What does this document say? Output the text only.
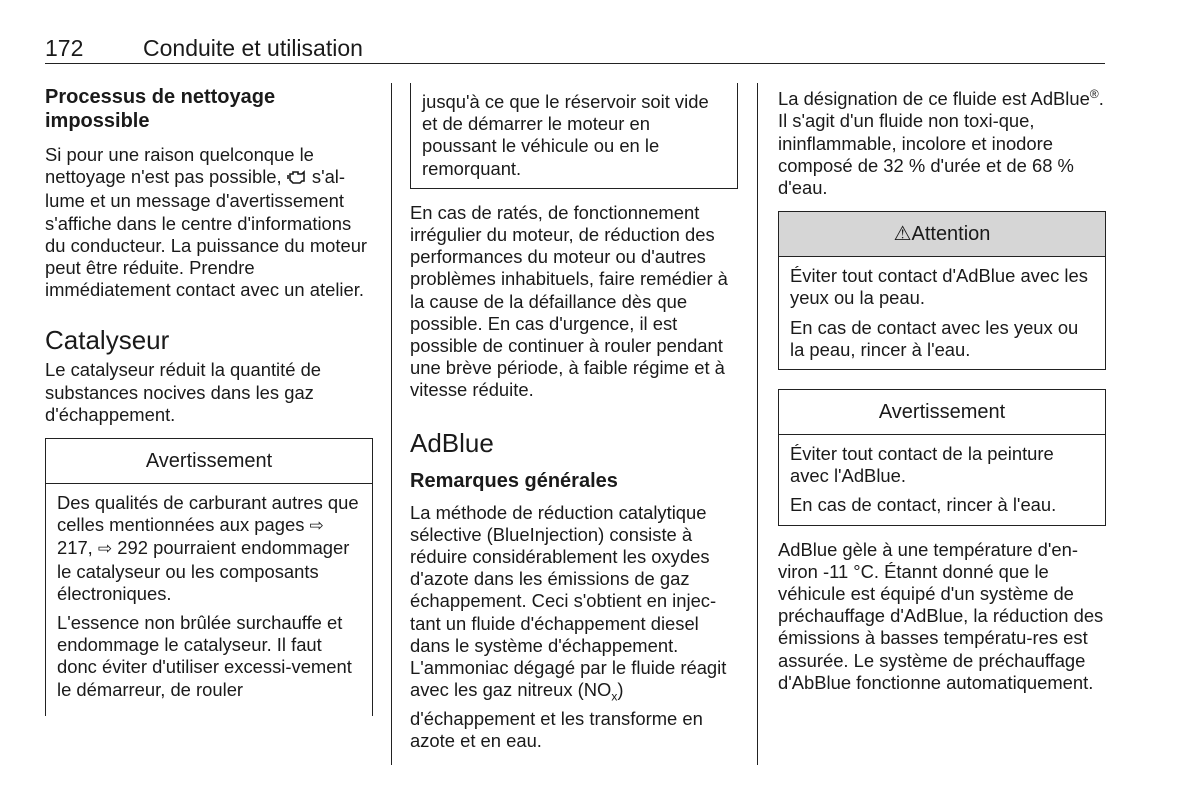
172	Conduite et utilisation
Processus de nettoyage impossible

Si pour une raison quelconque le nettoyage n'est pas possible, s'al-lume et un message d'avertissement s'affiche dans le centre d'informations du conducteur. La puissance du moteur peut être réduite. Prendre immédiatement contact avec un atelier.

Catalyseur

Le catalyseur réduit la quantité de substances nocives dans les gaz d'échappement.

Avertissement

Des qualités de carburant autres que celles mentionnées aux pages ⇨ 217, ⇨ 292 pourraient endommager le catalyseur ou les composants électroniques.

L'essence non brûlée surchauffe et endommage le catalyseur. Il faut donc éviter d'utiliser excessi-vement le démarreur, de rouler

jusqu'à ce que le réservoir soit vide et de démarrer le moteur en poussant le véhicule ou en le remorquant.

En cas de ratés, de fonctionnement irrégulier du moteur, de réduction des performances du moteur ou d'autres problèmes inhabituels, faire remédier à la cause de la défaillance dès que possible. En cas d'urgence, il est possible de continuer à rouler pendant une brève période, à faible régime et à vitesse réduite.

AdBlue
Remarques générales

La méthode de réduction catalytique sélective (BlueInjection) consiste à réduire considérablement les oxydes d'azote dans les émissions de gaz échappement. Ceci s'obtient en injec-tant un fluide d'échappement diesel dans le système d'échappement. L'ammoniac dégagé par le fluide réagit avec les gaz nitreux $(NO_x)$ d'échappement et les transforme en azote et en eau.

La désignation de ce fluide est AdBlue®. Il s'agit d'un fluide non toxi-que, ininflammable, incolore et inodore composé de 32 % d'urée et de 68 % d'eau.

⚠Attention

Éviter tout contact d'AdBlue avec les yeux ou la peau.

En cas de contact avec les yeux ou la peau, rincer à l'eau.

Avertissement

Éviter tout contact de la peinture avec l'AdBlue.

En cas de contact, rincer à l'eau.

AdBlue gèle à une température d'en-viron -11 °C. Étannt donné que le véhicule est équipé d'un système de préchauffage d'AdBlue, la réduction des émissions à basses températu-res est assurée. Le système de préchauffage d'AbBlue fonctionne automatiquement.
